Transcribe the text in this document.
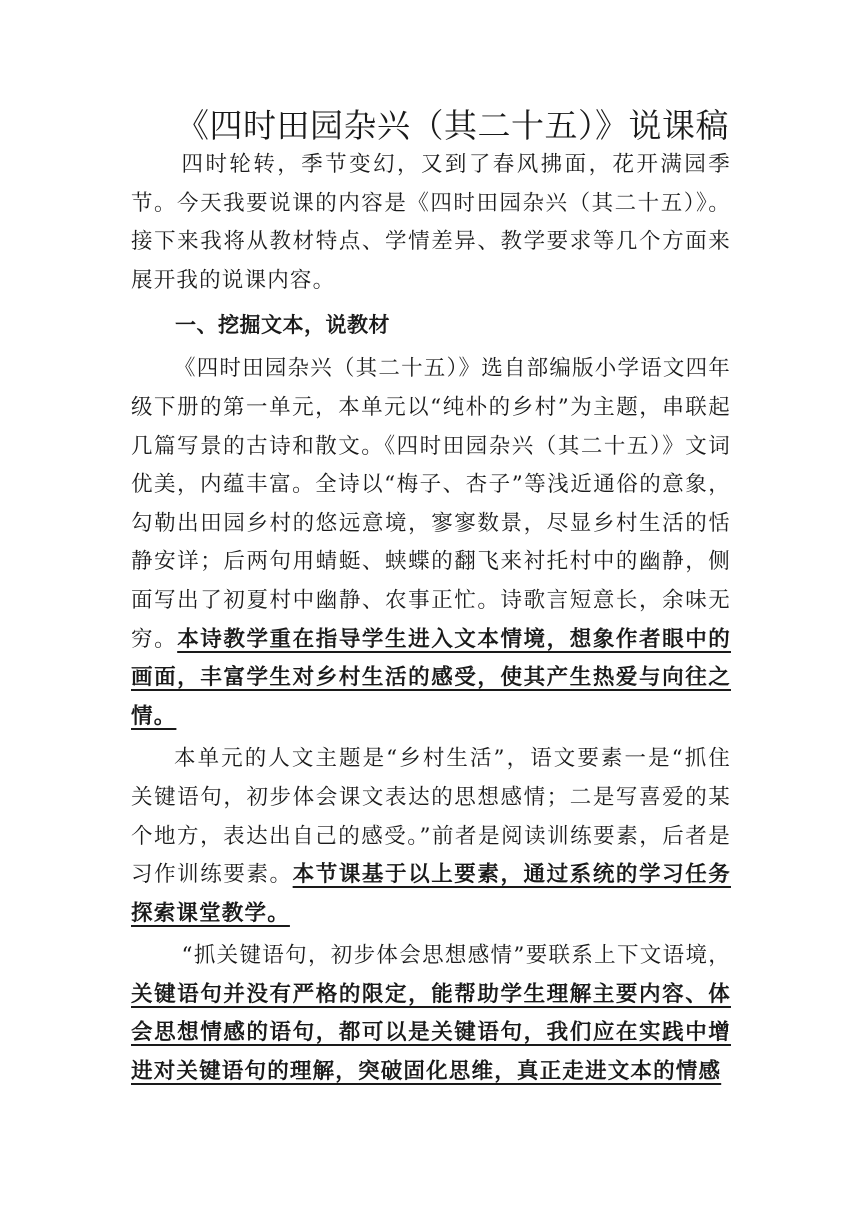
《四时田园杂兴（其二十五）》说课稿

四时轮转，季节变幻，又到了春风拂面，花开满园季节。今天我要说课的内容是《四时田园杂兴（其二十五）》。接下来我将从教材特点、学情差异、教学要求等几个方面来展开我的说课内容。

一、挖掘文本，说教材

《四时田园杂兴（其二十五）》选自部编版小学语文四年级下册的第一单元，本单元以“纯朴的乡村”为主题，串联起几篇写景的古诗和散文。《四时田园杂兴（其二十五）》文词优美，内蕴丰富。全诗以“梅子、杏子”等浅近通俗的意象，勾勒出田园乡村的悠远意境，寥寥数景，尽显乡村生活的恬静安详；后两句用蜻蜓、蛱蝶的翻飞来衬托村中的幽静，侧面写出了初夏村中幽静、农事正忙。诗歌言短意长，余味无穷。本诗教学重在指导学生进入文本情境，想象作者眼中的画面，丰富学生对乡村生活的感受，使其产生热爱与向往之情。

本单元的人文主题是“乡村生活”，语文要素一是“抓住关键语句，初步体会课文表达的思想感情；二是写喜爱的某个地方，表达出自己的感受。”前者是阅读训练要素，后者是习作训练要素。本节课基于以上要素，通过系统的学习任务探索课堂教学。

“抓关键语句，初步体会思想感情”要联系上下文语境，关键语句并没有严格的限定，能帮助学生理解主要内容、体会思想情感的语句，都可以是关键语句，我们应在实践中增进对关键语句的理解，突破固化思维，真正走进文本的情感
